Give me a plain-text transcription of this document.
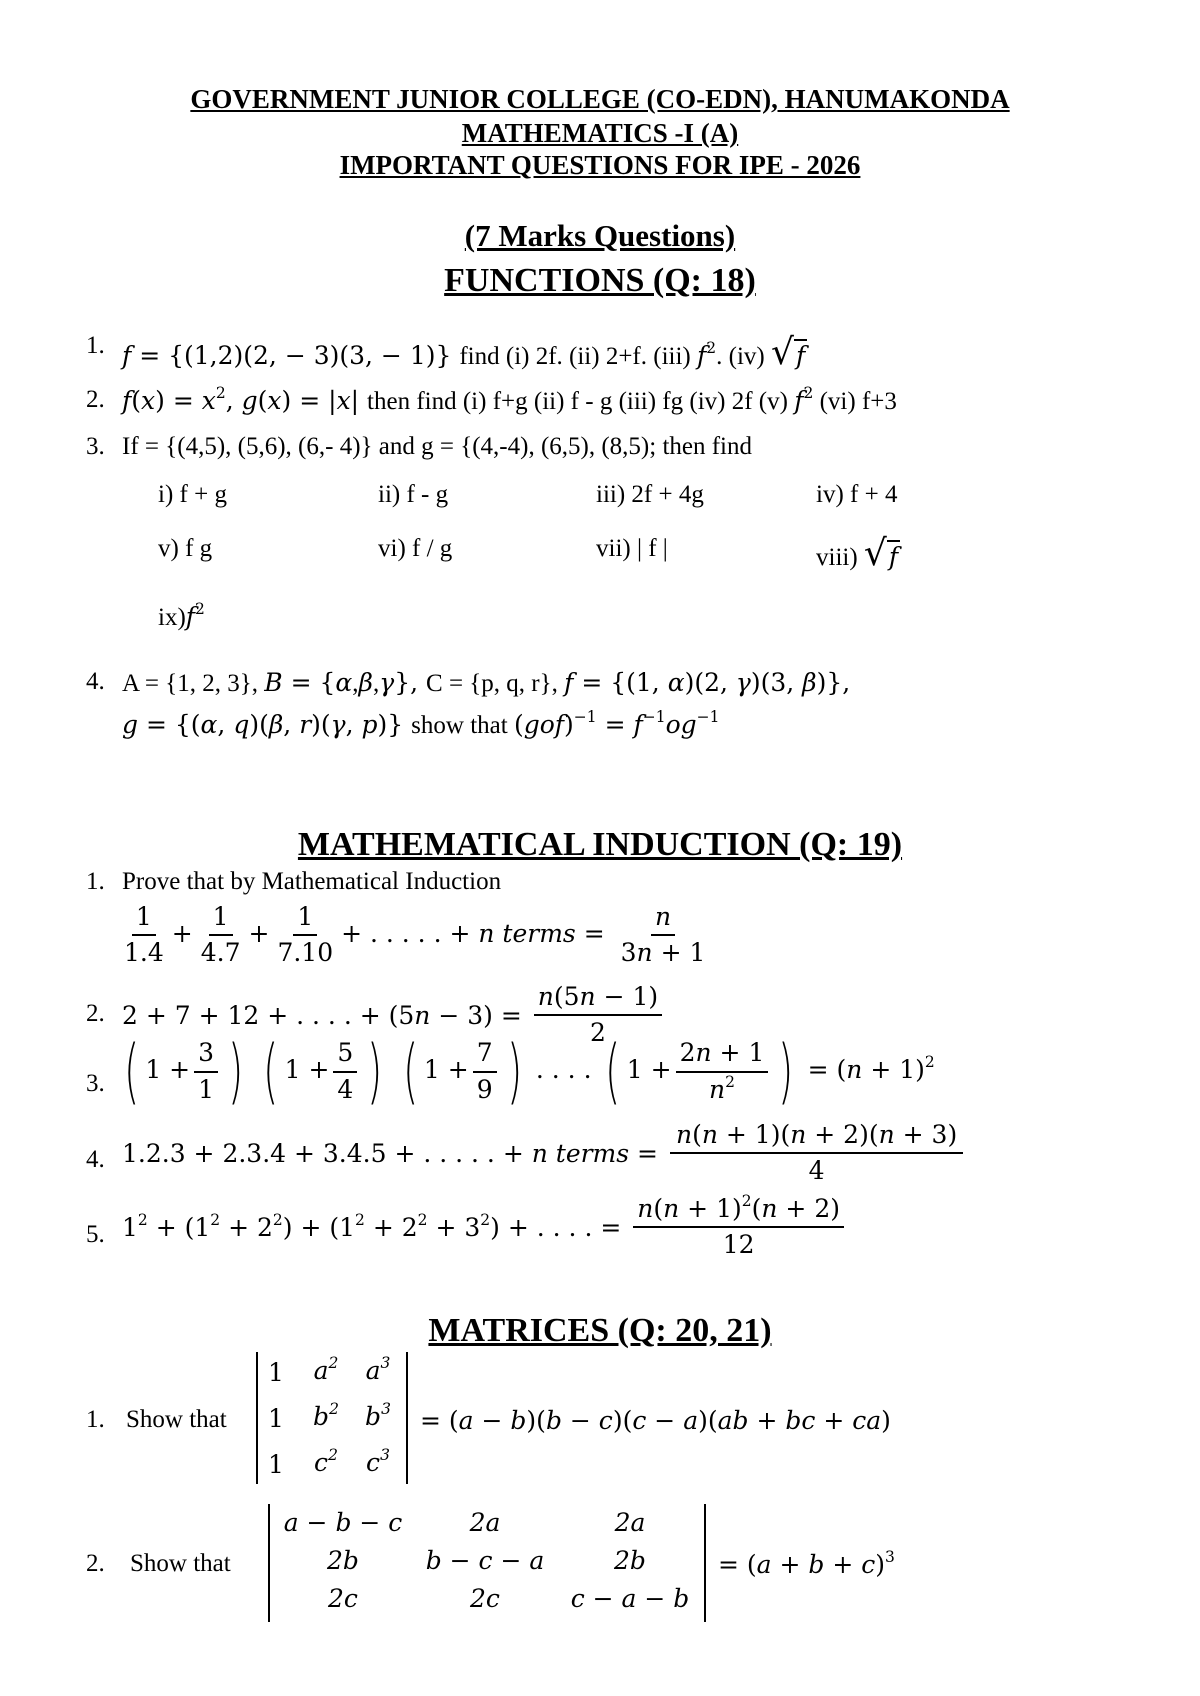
GOVERNMENT JUNIOR COLLEGE (CO-EDN), HANUMAKONDA
MATHEMATICS -I (A)
IMPORTANT QUESTIONS FOR IPE - 2026
(7 Marks Questions)
FUNCTIONS (Q: 18)
1. f = {(1,2)(2, − 3)(3, − 1)} find (i) 2f. (ii) 2+f. (iii) $f^2$. (iv) √f
2. $f(x) = x^2$, g(x) = |x| then find (i) f+g (ii) f - g (iii) fg (iv) 2f (v) $f^2$ (vi) f+3
3. If = {(4,5), (5,6), (6,- 4)} and g = {(4,-4), (6,5), (8,5); then find
i) f + g	ii) f - g	iii) 2f + 4g	iv) f + 4
v) f g	vi) f / g	vii) | f |	viii) √f
$ix)f^2$
4. A = {1, 2, 3}, B = {α,β,γ}, C = {p, q, r}, f = {(1, α)(2, γ)(3, β)},
g = {(α, q)(β, r)(γ, p)} show that $(gof)^{-1} = f^{-1}og^{-1}$
MATHEMATICAL INDUCTION (Q: 19)
1. Prove that by Mathematical Induction
$\frac{1}{1.4} + \frac{1}{4.7} + \frac{1}{7.10}$ + . . . . . + n terms = $\frac{n}{3n + 1}$
2. 2 + 7 + 12 + . . . . + $(5n - 3) = \frac{n(5n - 1)}{2}$
3. ( $1 + \frac{3}{1}$ ) ( $1 + \frac{5}{4}$ ) ( $1 + \frac{7}{9}$ ) . . . . ( $1 + \frac{2n + 1}{n^2}$ ) = $(n + 1)^2$
4. 1.2.3 + 2.3.4 + 3.4.5 + . . . . . + n terms = $\frac{n(n + 1)(n + 2)(n + 3)}{4}$
5. $1^2 + (1^2 + 2^2) + (1^2 + 2^2 + 3^2)$ + . . . . = $\frac{n(n + 1)^2(n + 2)}{12}$
MATRICES (Q: 20, 21)
1. Show that
1	$a^2$	$a^3$
1 $b^2$ $b^3$
1	$c^2$	$c^3$
= (a − b)(b − c)(c − a)(ab + bc + ca)
2. Show that
a − b − c	2a	2a
2b	b − c − a	2b
2c	2c	c − a − b
= $(a + b + c)^3$
